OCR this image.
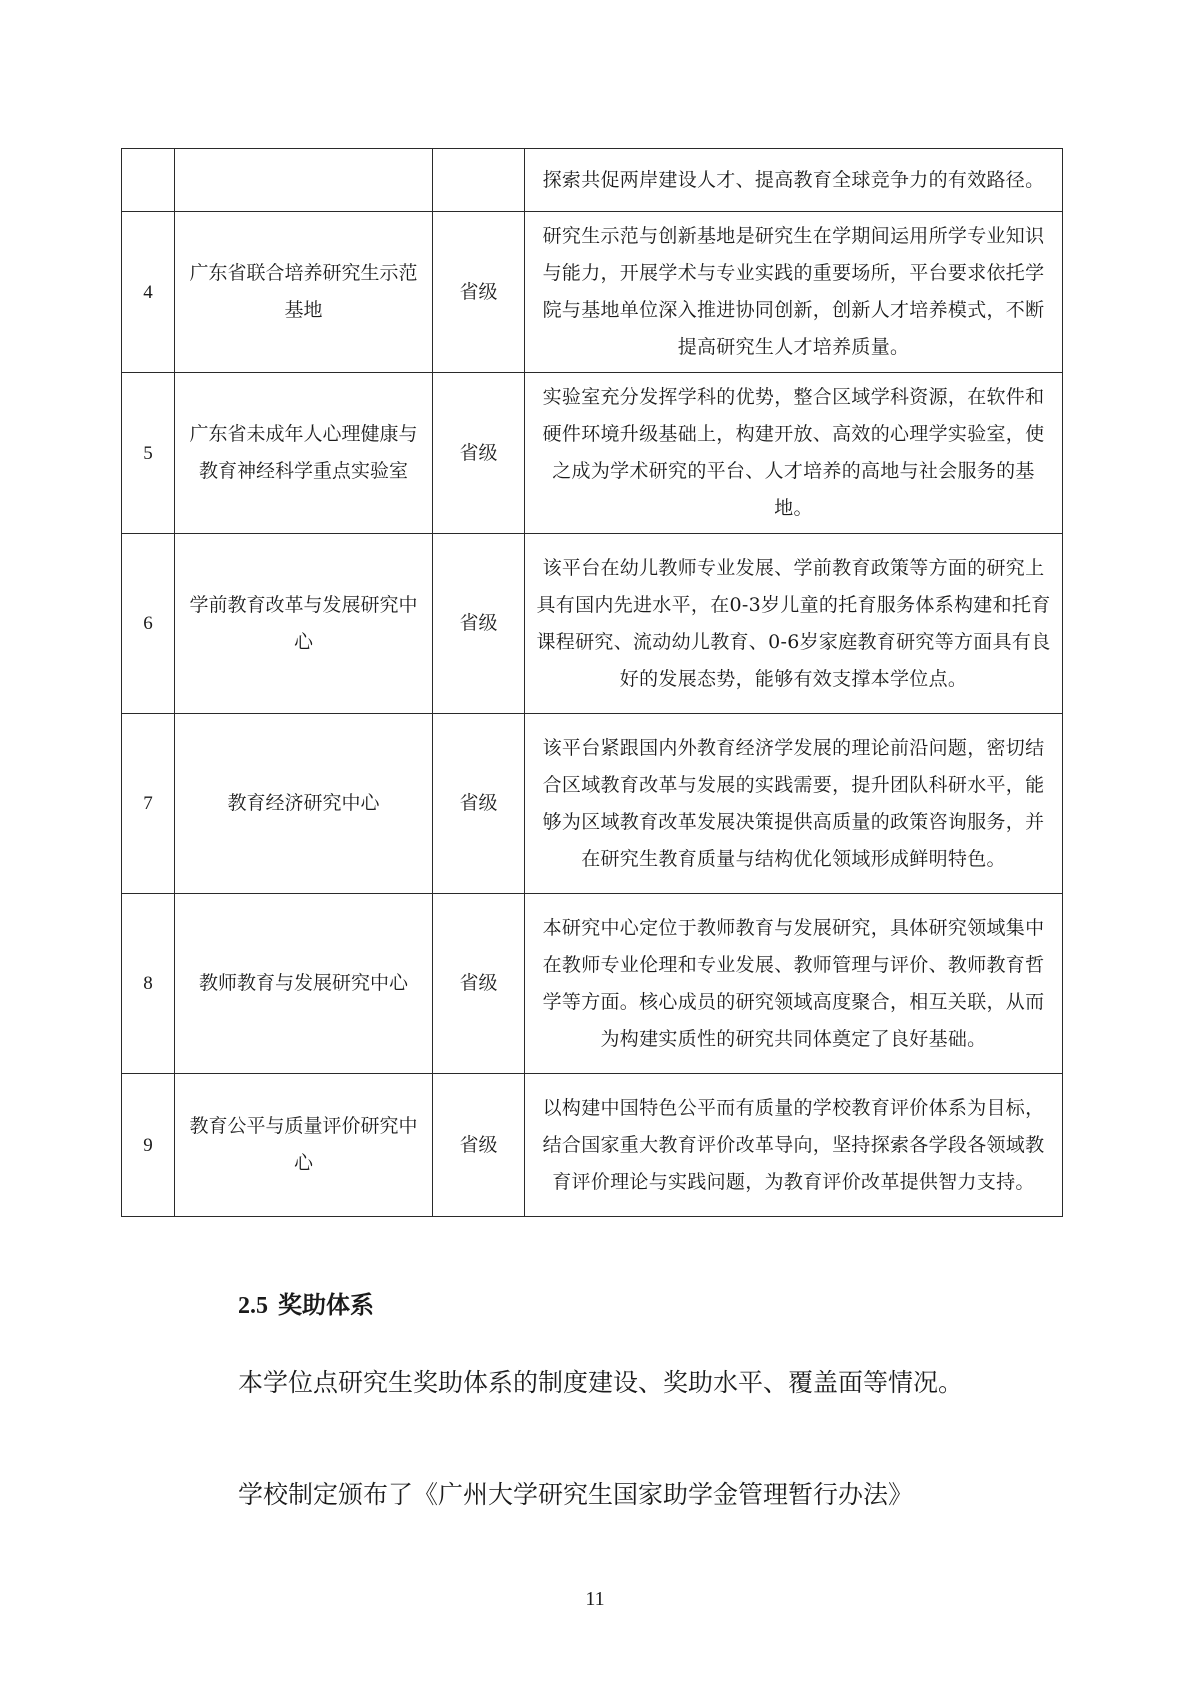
			探索共促两岸建设人才、提高教育全球竞争力的有效路径。
4	广东省联合培养研究生示范基地	省级	研究生示范与创新基地是研究生在学期间运用所学专业知识与能力，开展学术与专业实践的重要场所，平台要求依托学院与基地单位深入推进协同创新，创新人才培养模式，不断提高研究生人才培养质量。
5	广东省未成年人心理健康与教育神经科学重点实验室	省级	实验室充分发挥学科的优势，整合区域学科资源，在软件和硬件环境升级基础上，构建开放、高效的心理学实验室，使之成为学术研究的平台、人才培养的高地与社会服务的基地。
6	学前教育改革与发展研究中心	省级	该平台在幼儿教师专业发展、学前教育政策等方面的研究上具有国内先进水平，在0-3岁儿童的托育服务体系构建和托育课程研究、流动幼儿教育、0-6岁家庭教育研究等方面具有良好的发展态势，能够有效支撑本学位点。
7	教育经济研究中心	省级	该平台紧跟国内外教育经济学发展的理论前沿问题，密切结合区域教育改革与发展的实践需要，提升团队科研水平，能够为区域教育改革发展决策提供高质量的政策咨询服务，并在研究生教育质量与结构优化领域形成鲜明特色。
8	教师教育与发展研究中心	省级	本研究中心定位于教师教育与发展研究，具体研究领域集中在教师专业伦理和专业发展、教师管理与评价、教师教育哲学等方面。核心成员的研究领域高度聚合，相互关联，从而为构建实质性的研究共同体奠定了良好基础。
9	教育公平与质量评价研究中心	省级	以构建中国特色公平而有质量的学校教育评价体系为目标，结合国家重大教育评价改革导向，坚持探索各学段各领域教育评价理论与实践问题，为教育评价改革提供智力支持。
2.5 奖助体系

本学位点研究生奖助体系的制度建设、奖助水平、覆盖面等情况。

学校制定颁布了《广州大学研究生国家助学金管理暂行办法》

11
